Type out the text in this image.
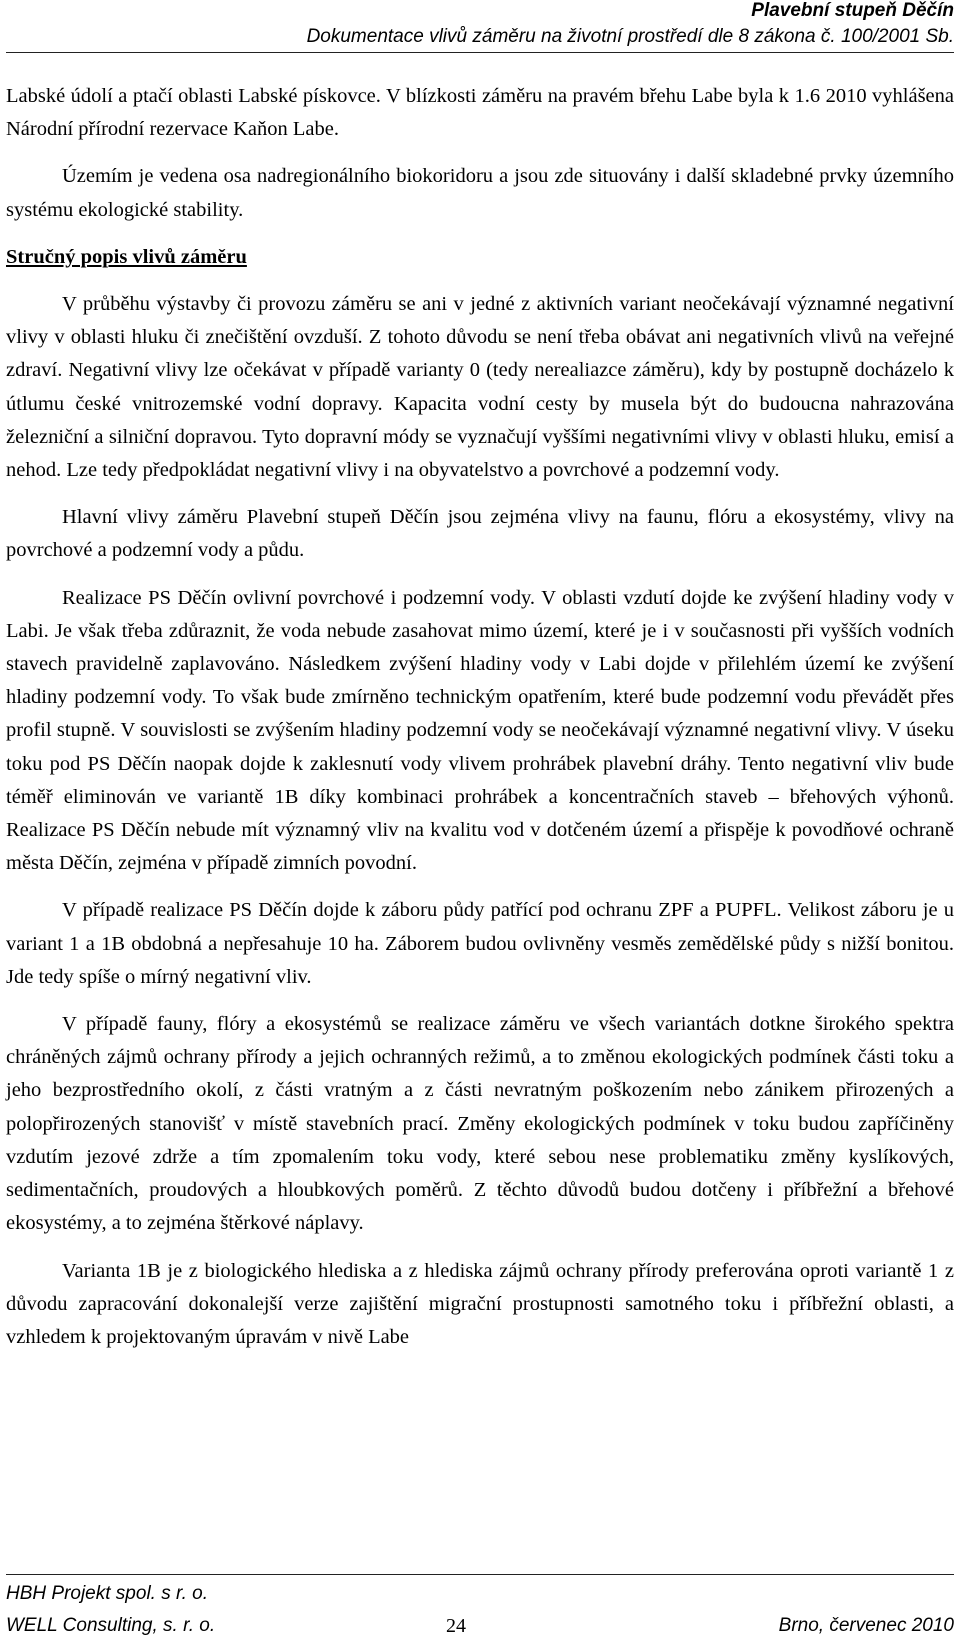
Plavební stupeň Děčín
Dokumentace vlivů záměru na životní prostředí dle 8 zákona č. 100/2001 Sb.

Labské údolí a ptačí oblasti Labské pískovce. V blízkosti záměru na pravém břehu Labe byla k 1.6 2010 vyhlášena Národní přírodní rezervace Kaňon Labe.

Územím je vedena osa nadregionálního biokoridoru a jsou zde situovány i další skladebné prvky územního systému ekologické stability.

Stručný popis vlivů záměru

V průběhu výstavby či provozu záměru se ani v jedné z aktivních variant neočekávají významné negativní vlivy v oblasti hluku či znečištění ovzduší. Z tohoto důvodu se není třeba obávat ani negativních vlivů na veřejné zdraví. Negativní vlivy lze očekávat v případě varianty 0 (tedy nerealiazce záměru), kdy by postupně docházelo k útlumu české vnitrozemské vodní dopravy. Kapacita vodní cesty by musela být do budoucna nahrazována železniční a silniční dopravou. Tyto dopravní módy se vyznačují vyššími negativními vlivy v oblasti hluku, emisí a nehod. Lze tedy předpokládat negativní vlivy i na obyvatelstvo a povrchové a podzemní vody.

Hlavní vlivy záměru Plavební stupeň Děčín jsou zejména vlivy na faunu, flóru a ekosystémy, vlivy na povrchové a podzemní vody a půdu.

Realizace PS Děčín ovlivní povrchové i podzemní vody. V oblasti vzdutí dojde ke zvýšení hladiny vody v Labi. Je však třeba zdůraznit, že voda nebude zasahovat mimo území, které je i v současnosti při vyšších vodních stavech pravidelně zaplavováno. Následkem zvýšení hladiny vody v Labi dojde v přilehlém území ke zvýšení hladiny podzemní vody. To však bude zmírněno technickým opatřením, které bude podzemní vodu převádět přes profil stupně. V souvislosti se zvýšením hladiny podzemní vody se neočekávají významné negativní vlivy. V úseku toku pod PS Děčín naopak dojde k zaklesnutí vody vlivem prohrábek plavební dráhy. Tento negativní vliv bude téměř eliminován ve variantě 1B díky kombinaci prohrábek a koncentračních staveb – břehových výhonů. Realizace PS Děčín nebude mít významný vliv na kvalitu vod v dotčeném území a přispěje k povodňové ochraně města Děčín, zejména v případě zimních povodní.

V případě realizace PS Děčín dojde k záboru půdy patřící pod ochranu ZPF a PUPFL. Velikost záboru je u variant 1 a 1B obdobná a nepřesahuje 10 ha. Záborem budou ovlivněny vesměs zemědělské půdy s nižší bonitou. Jde tedy spíše o mírný negativní vliv.

V případě fauny, flóry a ekosystémů se realizace záměru ve všech variantách dotkne širokého spektra chráněných zájmů ochrany přírody a jejich ochranných režimů, a to změnou ekologických podmínek části toku a jeho bezprostředního okolí, z části vratným a z části nevratným poškozením nebo zánikem přirozených a polopřirozených stanovišť v místě stavebních prací. Změny ekologických podmínek v toku budou zapříčiněny vzdutím jezové zdrže a tím zpomalením toku vody, které sebou nese problematiku změny kyslíkových, sedimentačních, proudových a hloubkových poměrů. Z těchto důvodů budou dotčeny i příbřežní a břehové ekosystémy, a to zejména štěrkové náplavy.

Varianta 1B je z biologického hlediska a z hlediska zájmů ochrany přírody preferována oproti variantě 1 z důvodu zapracování dokonalejší verze zajištění migrační prostupnosti samotného toku i příbřežní oblasti, a vzhledem k projektovaným úpravám v nivě Labe

HBH Projekt spol. s r. o.
WELL Consulting, s. r. o.	24	Brno, červenec 2010
